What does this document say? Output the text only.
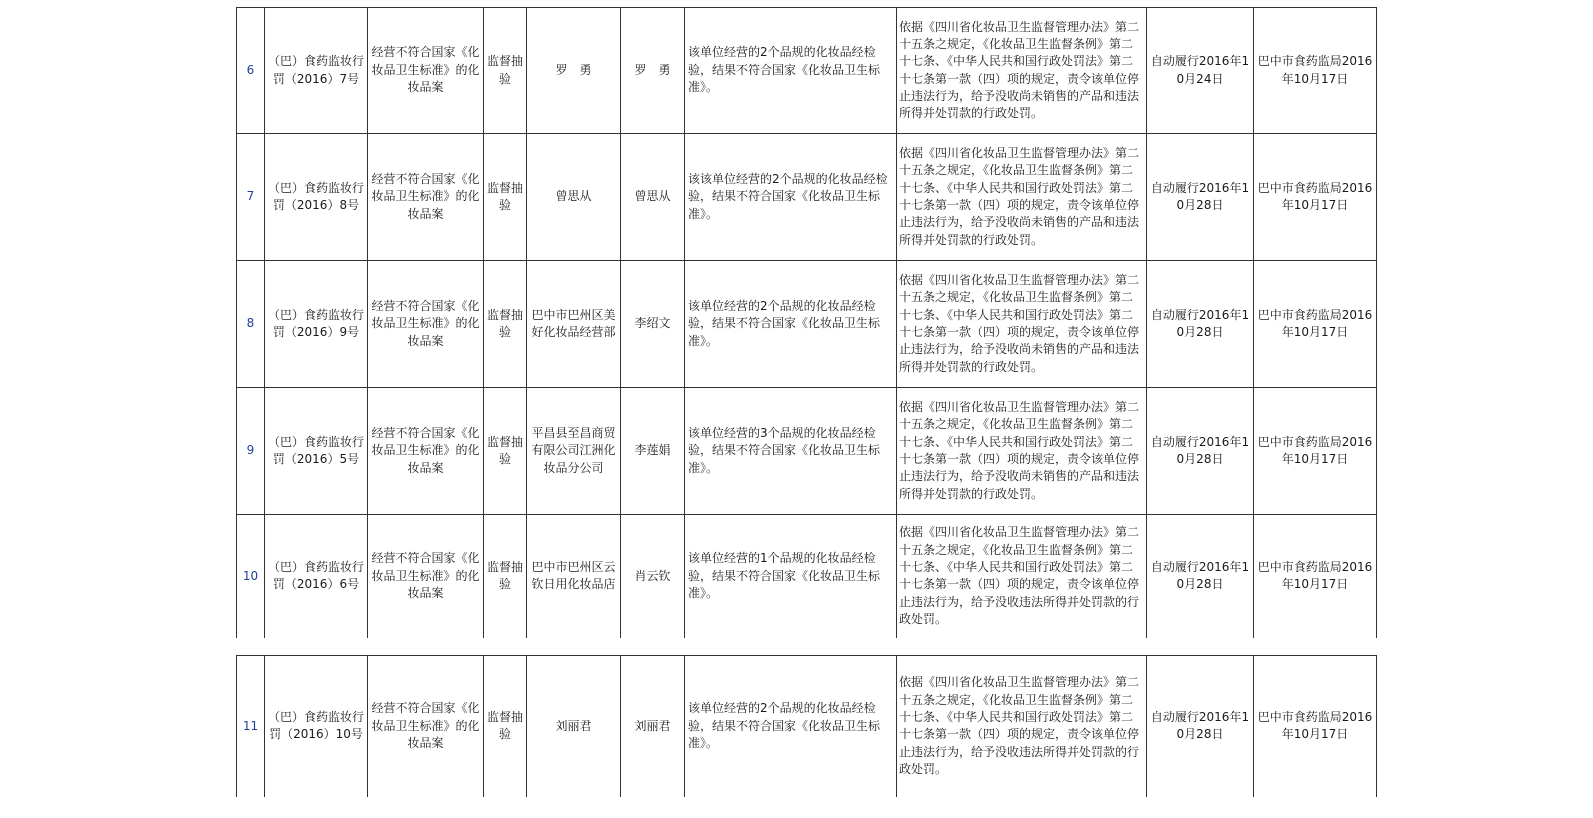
6	（巴）食药监妆行罚（2016）7号	经营不符合国家《化妆品卫生标准》的化妆品案	监督抽验	罗　勇	罗　勇	该单位经营的2个品规的化妆品经检验，结果不符合国家《化妆品卫生标准》。	依据《四川省化妆品卫生监督管理办法》第二十五条之规定，《化妆品卫生监督条例》第二十七条、《中华人民共和国行政处罚法》第二十七条第一款（四）项的规定，责令该单位停止违法行为，给予没收尚未销售的产品和违法所得并处罚款的行政处罚。	自动履行2016年10月24日	巴中市食药监局2016年10月17日
7	（巴）食药监妆行罚（2016）8号	经营不符合国家《化妆品卫生标准》的化妆品案	监督抽验	曾思从	曾思从	该该单位经营的2个品规的化妆品经检验，结果不符合国家《化妆品卫生标准》。	依据《四川省化妆品卫生监督管理办法》第二十五条之规定，《化妆品卫生监督条例》第二十七条、《中华人民共和国行政处罚法》第二十七条第一款（四）项的规定，责令该单位停止违法行为，给予没收尚未销售的产品和违法所得并处罚款的行政处罚。	自动履行2016年10月28日	巴中市食药监局2016年10月17日
8	（巴）食药监妆行罚（2016）9号	经营不符合国家《化妆品卫生标准》的化妆品案	监督抽验	巴中市巴州区美好化妆品经营部	李绍文	该单位经营的2个品规的化妆品经检验，结果不符合国家《化妆品卫生标准》。	依据《四川省化妆品卫生监督管理办法》第二十五条之规定，《化妆品卫生监督条例》第二十七条、《中华人民共和国行政处罚法》第二十七条第一款（四）项的规定，责令该单位停止违法行为，给予没收尚未销售的产品和违法所得并处罚款的行政处罚。	自动履行2016年10月28日	巴中市食药监局2016年10月17日
9	（巴）食药监妆行罚（2016）5号	经营不符合国家《化妆品卫生标准》的化妆品案	监督抽验	平昌县至昌商贸有限公司江洲化妆品分公司	李莲娟	该单位经营的3个品规的化妆品经检验，结果不符合国家《化妆品卫生标准》。	依据《四川省化妆品卫生监督管理办法》第二十五条之规定，《化妆品卫生监督条例》第二十七条、《中华人民共和国行政处罚法》第二十七条第一款（四）项的规定，责令该单位停止违法行为，给予没收尚未销售的产品和违法所得并处罚款的行政处罚。	自动履行2016年10月28日	巴中市食药监局2016年10月17日
10	（巴）食药监妆行罚（2016）6号	经营不符合国家《化妆品卫生标准》的化妆品案	监督抽验	巴中市巴州区云钦日用化妆品店	肖云钦	该单位经营的1个品规的化妆品经检验，结果不符合国家《化妆品卫生标准》。	依据《四川省化妆品卫生监督管理办法》第二十五条之规定，《化妆品卫生监督条例》第二十七条、《中华人民共和国行政处罚法》第二十七条第一款（四）项的规定，责令该单位停止违法行为，给予没收违法所得并处罚款的行政处罚。	自动履行2016年10月28日	巴中市食药监局2016年10月17日
11	（巴）食药监妆行罚（2016）10号	经营不符合国家《化妆品卫生标准》的化妆品案	监督抽验	刘丽君	刘丽君	该单位经营的2个品规的化妆品经检验，结果不符合国家《化妆品卫生标准》。	依据《四川省化妆品卫生监督管理办法》第二十五条之规定，《化妆品卫生监督条例》第二十七条、《中华人民共和国行政处罚法》第二十七条第一款（四）项的规定，责令该单位停止违法行为，给予没收违法所得并处罚款的行政处罚。	自动履行2016年10月28日	巴中市食药监局2016年10月17日
